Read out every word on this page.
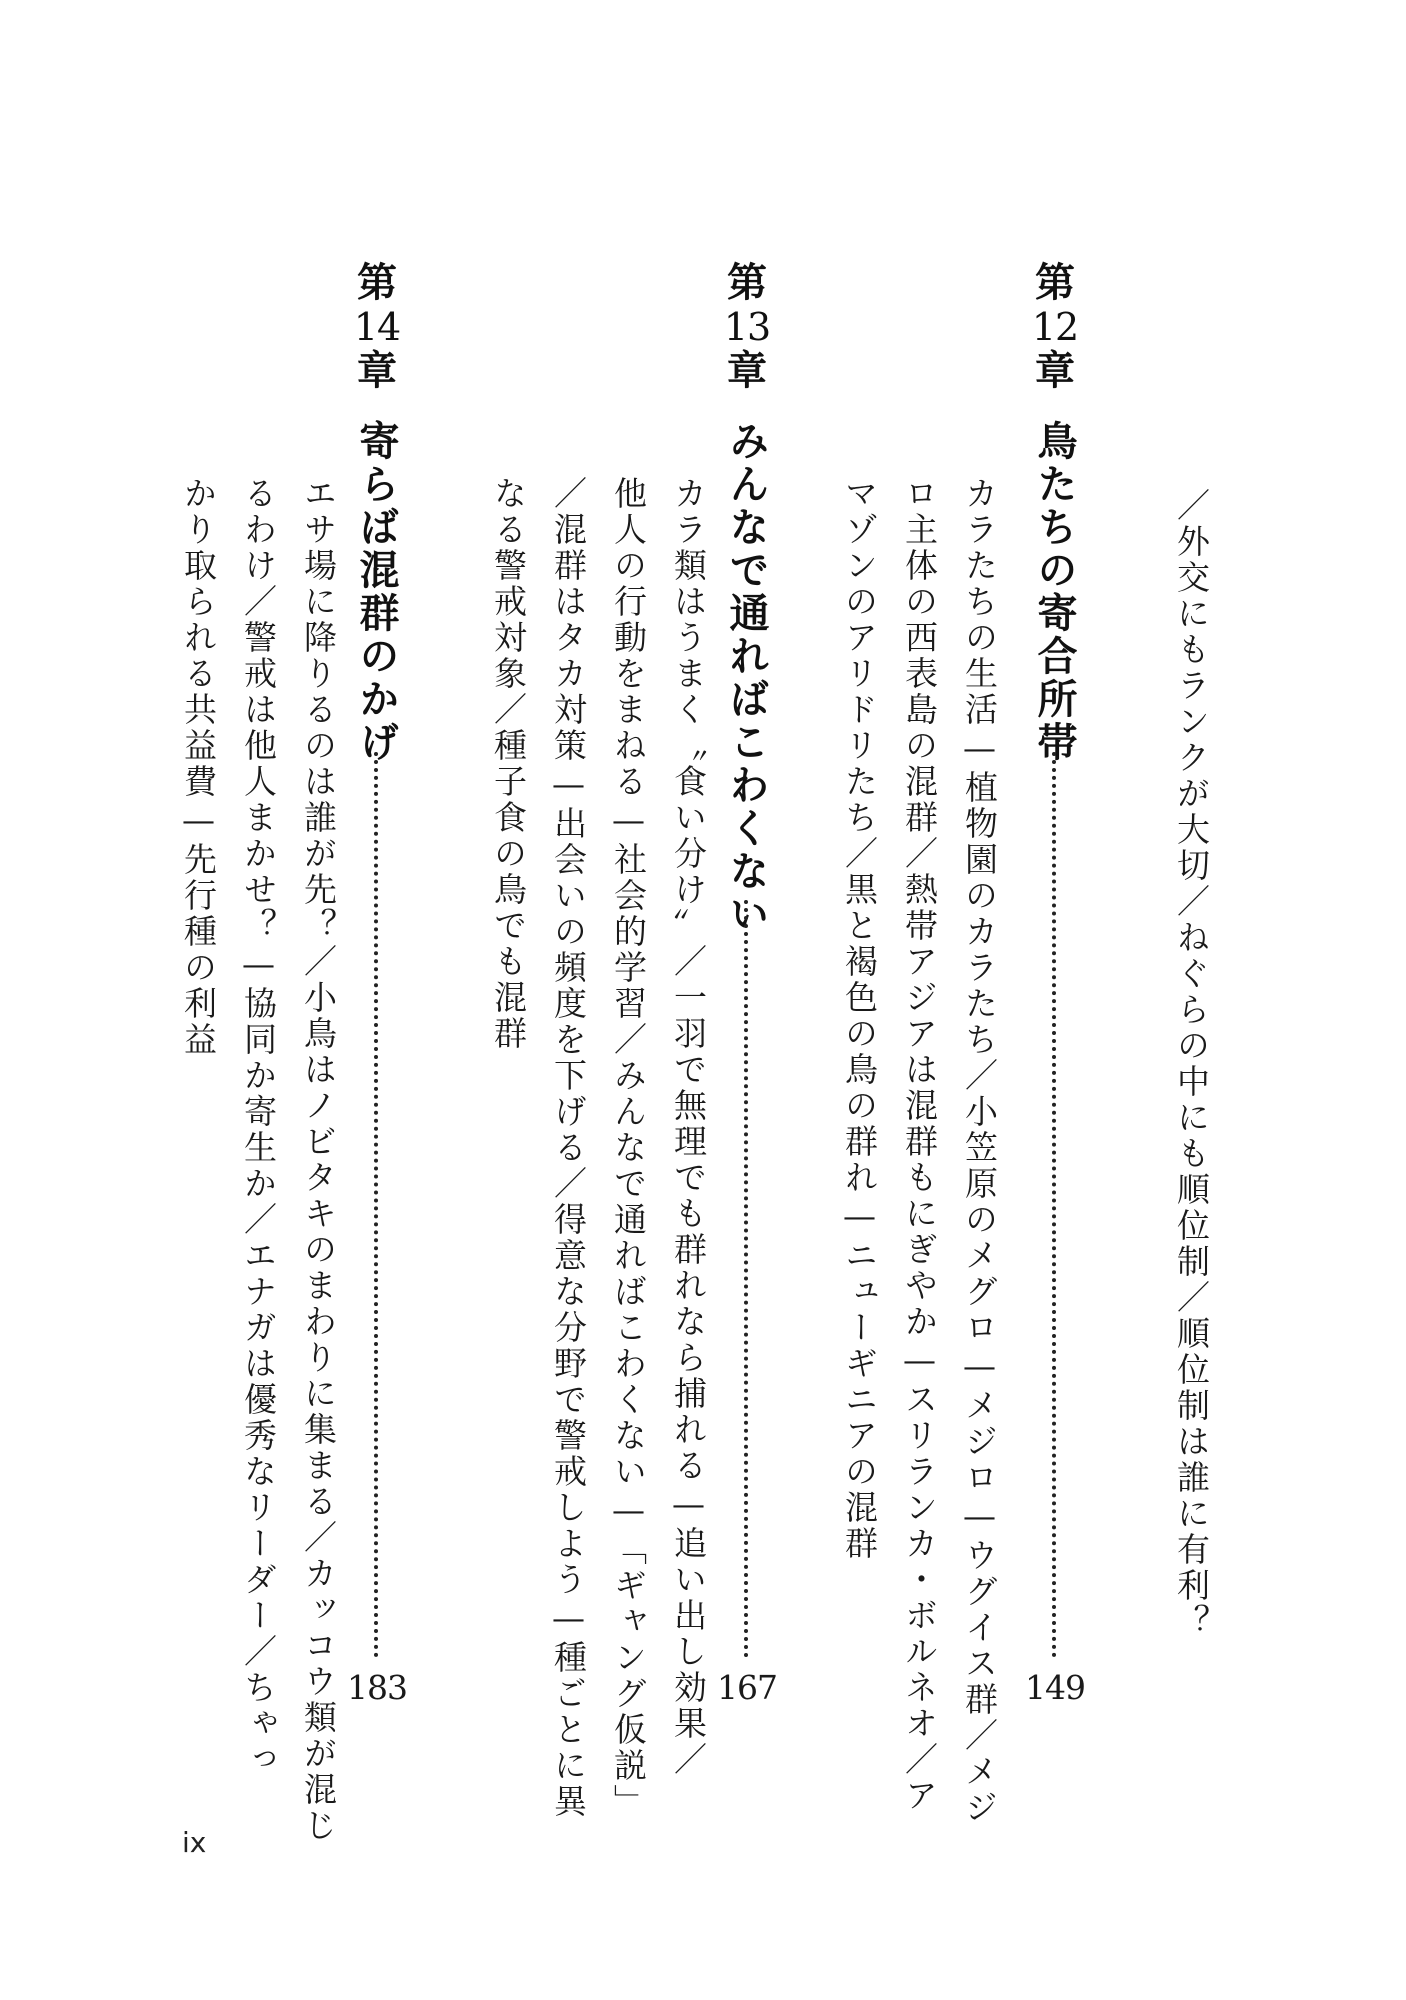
／外交にもランクが大切／ねぐらの中にも順位制／順位制は誰に有利？
第
12
章
鳥たちの寄合所帯
149
カラたちの生活—植物園のカラたち／小笠原のメグロ—メジロ—ウグイス群／メジ
ロ主体の西表島の混群／熱帯アジアは混群もにぎやか—スリランカ・ボルネオ／ア
マゾンのアリドリたち／黒と褐色の鳥の群れ—ニューギニアの混群
第
13
章
みんなで通ればこわくない
167
カラ類はうまく〝食い分け〟／一羽で無理でも群れなら捕れる—追い出し効果／
他人の行動をまねる—社会的学習／みんなで通ればこわくない—「ギャング仮説」
／混群はタカ対策—出会いの頻度を下げる／得意な分野で警戒しよう—種ごとに異
なる警戒対象／種子食の鳥でも混群
第
14
章
寄らば混群のかげ
183
エサ場に降りるのは誰が先？／小鳥はノビタキのまわりに集まる／カッコウ類が混じ
るわけ／警戒は他人まかせ？—協同か寄生か／エナガは優秀なリーダー／ちゃっ
かり取られる共益費—先行種の利益
ix
